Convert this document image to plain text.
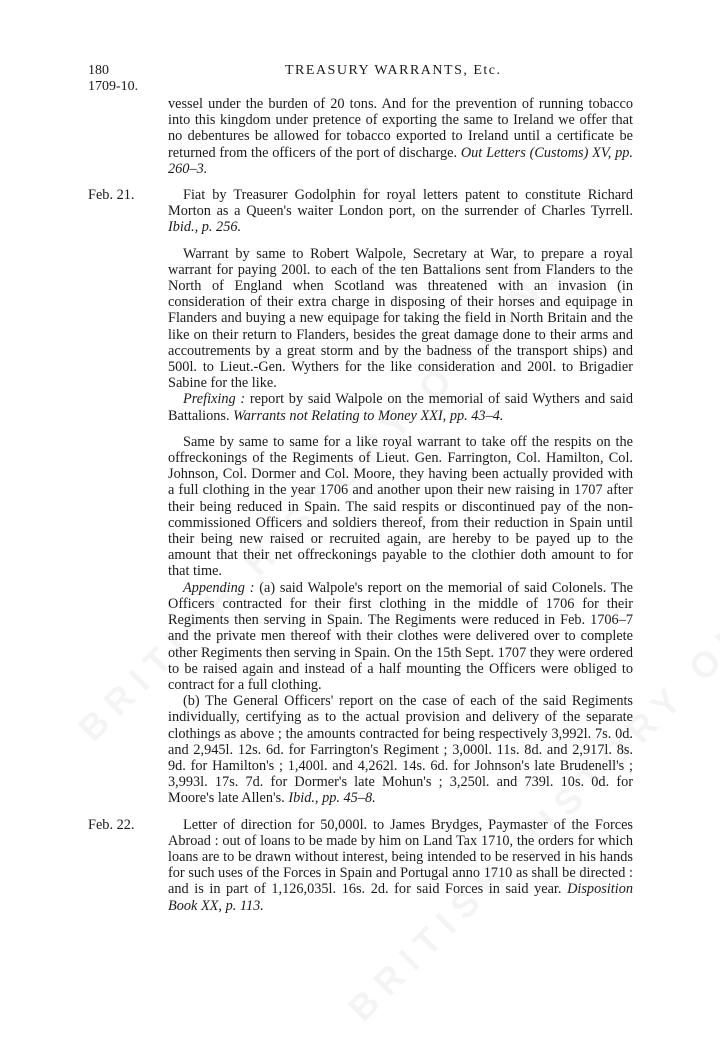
180
1709-10.
TREASURY WARRANTS, Etc.

vessel under the burden of 20 tons. And for the prevention of running tobacco into this kingdom under pretence of exporting the same to Ireland we offer that no debentures be allowed for tobacco exported to Ireland until a certificate be returned from the officers of the port of discharge. Out Letters (Customs) XV, pp. 260–3.

Feb. 21.	Fiat by Treasurer Godolphin for royal letters patent to constitute Richard Morton as a Queen's waiter London port, on the surrender of Charles Tyrrell. Ibid., p. 256.

Warrant by same to Robert Walpole, Secretary at War, to prepare a royal warrant for paying 200l. to each of the ten Battalions sent from Flanders to the North of England when Scotland was threatened with an invasion (in consideration of their extra charge in disposing of their horses and equipage in Flanders and buying a new equipage for taking the field in North Britain and the like on their return to Flanders, besides the great damage done to their arms and accoutrements by a great storm and by the badness of the transport ships) and 500l. to Lieut.-Gen. Wythers for the like consideration and 200l. to Brigadier Sabine for the like.

Prefixing : report by said Walpole on the memorial of said Wythers and said Battalions. Warrants not Relating to Money XXI, pp. 43–4.

Same by same to same for a like royal warrant to take off the respits on the offreckonings of the Regiments of Lieut. Gen. Farrington, Col. Hamilton, Col. Johnson, Col. Dormer and Col. Moore, they having been actually provided with a full clothing in the year 1706 and another upon their new raising in 1707 after their being reduced in Spain. The said respits or discontinued pay of the non-commissioned Officers and soldiers thereof, from their reduction in Spain until their being new raised or recruited again, are hereby to be payed up to the amount that their net offreckonings payable to the clothier doth amount to for that time.

Appending : (a) said Walpole's report on the memorial of said Colonels. The Officers contracted for their first clothing in the middle of 1706 for their Regiments then serving in Spain. The Regiments were reduced in Feb. 1706–7 and the private men thereof with their clothes were delivered over to complete other Regiments then serving in Spain. On the 15th Sept. 1707 they were ordered to be raised again and instead of a half mounting the Officers were obliged to contract for a full clothing.

(b) The General Officers' report on the case of each of the said Regiments individually, certifying as to the actual provision and delivery of the separate clothings as above ; the amounts contracted for being respectively 3,992l. 7s. 0d. and 2,945l. 12s. 6d. for Farrington's Regiment ; 3,000l. 11s. 8d. and 2,917l. 8s. 9d. for Hamilton's ; 1,400l. and 4,262l. 14s. 6d. for Johnson's late Brudenell's ; 3,993l. 17s. 7d. for Dormer's late Mohun's ; 3,250l. and 739l. 10s. 0d. for Moore's late Allen's. Ibid., pp. 45–8.

Feb. 22.	Letter of direction for 50,000l. to James Brydges, Paymaster of the Forces Abroad : out of loans to be made by him on Land Tax 1710, the orders for which loans are to be drawn without interest, being intended to be reserved in his hands for such uses of the Forces in Spain and Portugal anno 1710 as shall be directed : and is in part of 1,126,035l. 16s. 2d. for said Forces in said year. Disposition Book XX, p. 113.
